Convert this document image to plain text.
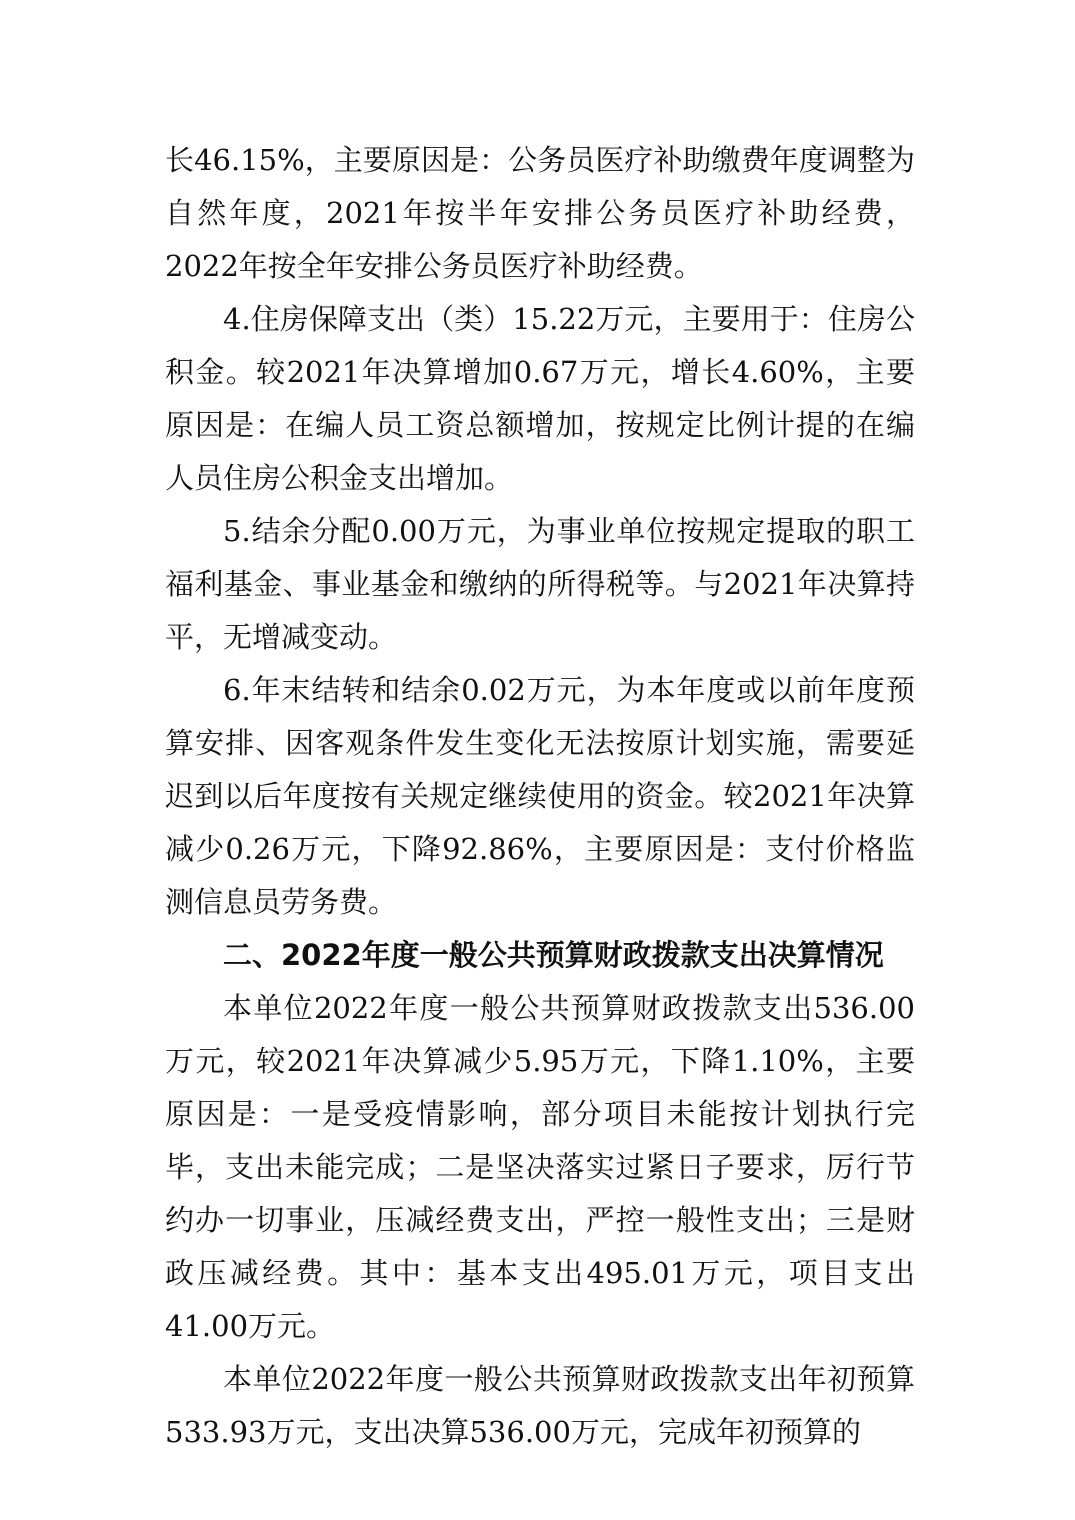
长46.15%，主要原因是：公务员医疗补助缴费年度调整为自然年度，2021年按半年安排公务员医疗补助经费，2022年按全年安排公务员医疗补助经费。

4.住房保障支出（类）15.22万元，主要用于：住房公积金。较2021年决算增加0.67万元，增长4.60%，主要原因是：在编人员工资总额增加，按规定比例计提的在编人员住房公积金支出增加。

5.结余分配0.00万元，为事业单位按规定提取的职工福利基金、事业基金和缴纳的所得税等。与2021年决算持平，无增减变动。

6.年末结转和结余0.02万元，为本年度或以前年度预算安排、因客观条件发生变化无法按原计划实施，需要延迟到以后年度按有关规定继续使用的资金。较2021年决算减少0.26万元，下降92.86%，主要原因是：支付价格监测信息员劳务费。

二、2022年度一般公共预算财政拨款支出决算情况

本单位2022年度一般公共预算财政拨款支出536.00万元，较2021年决算减少5.95万元，下降1.10%，主要原因是：一是受疫情影响，部分项目未能按计划执行完毕，支出未能完成；二是坚决落实过紧日子要求，厉行节约办一切事业，压减经费支出，严控一般性支出；三是财政压减经费。其中：基本支出495.01万元，项目支出41.00万元。

本单位2022年度一般公共预算财政拨款支出年初预算533.93万元，支出决算536.00万元，完成年初预算的
